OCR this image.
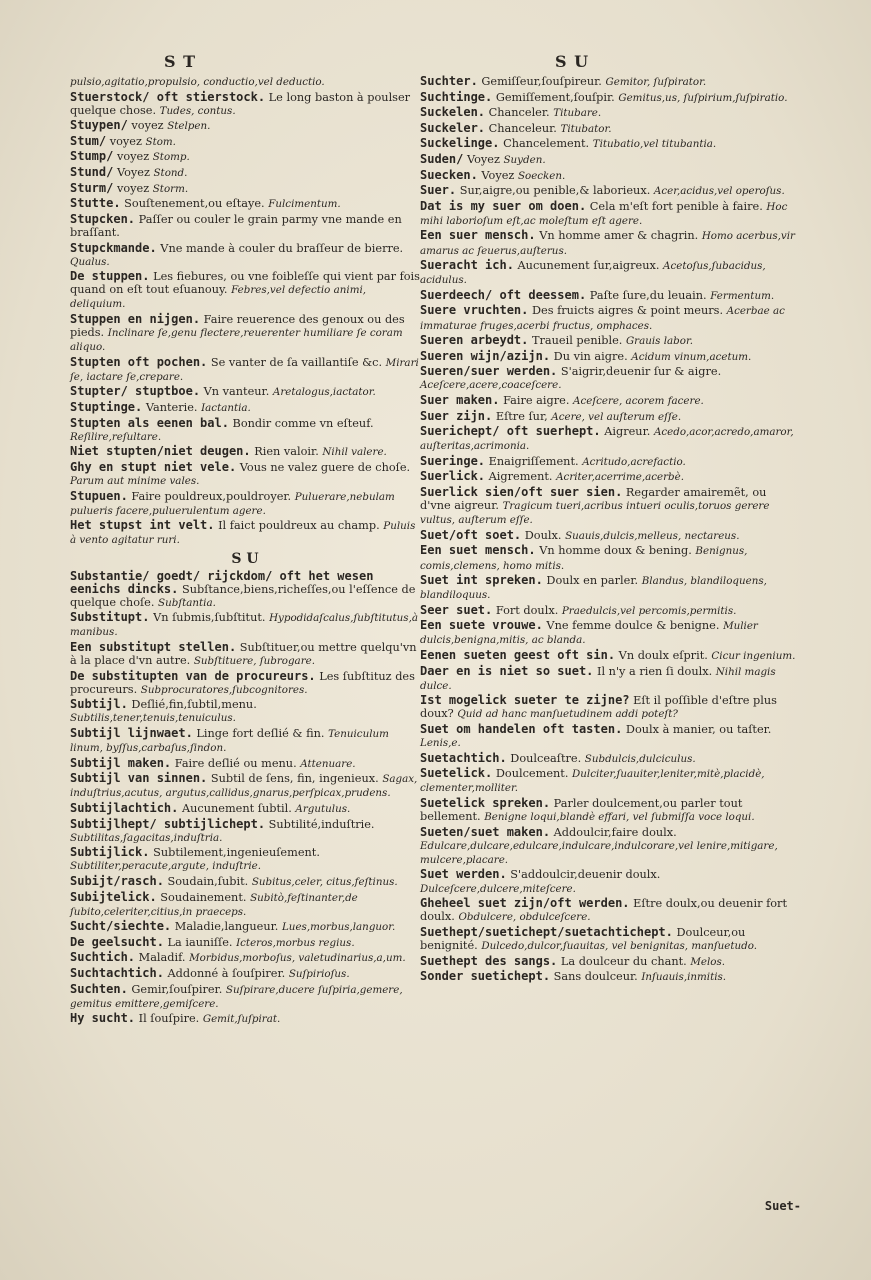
S T
pulsio,agitatio,propulsio, conductio,vel deductio.
Stuerstock/ oft stierstock. Le long baston à poulser quelque chose. Tudes, contus.
Stuypen/ voyez Stelpen.
Stum/ voyez Stom.
Stump/ voyez Stomp.
Stund/ Voyez Stond.
Sturm/ voyez Storm.
Stutte. Souſtenement,ou eſtaye. Fulcimentum.
Stupcken. Paſſer ou couler le grain parmy vne mande en braſſant.
Stupckmande. Vne mande à couler du braſſeur de bierre. Qualus.
De stuppen. Les fiebures, ou vne foibleſſe qui vient par fois quand on eſt tout eſuanouy. Febres,vel defectio animi, deliquium.
Stuppen en nijgen. Faire reuerence des genoux ou des pieds. Inclinare ſe,genu flectere,reuerenter humiliare ſe coram aliquo.
Stupten oft pochen. Se vanter de ſa vaillantiſe &c. Mirari ſe, iactare ſe,crepare.
Stupter/ stuptboe. Vn vanteur. Aretalogus,iactator.
Stuptinge. Vanterie. Iactantia.
Stupten als eenen bal. Bondir comme vn eſteuf. Reſilire,reſultare.
Niet stupten/niet deugen. Rien valoir. Nihil valere.
Ghy en stupt niet vele. Vous ne valez guere de choſe. Parum aut minime vales.
Stupuen. Faire pouldreux,pouldroyer. Puluerare,nebulam pulueris facere,puluerulentum agere.
Het stupst int velt. Il faict pouldreux au champ. Puluis à vento agitatur ruri.
S U
Substantie/ goedt/ rijckdom/ oft het wesen eenichs dincks. Subſtance,biens,richeſſes,ou l'eſſence de quelque choſe. Subſtantia.
Substitupt. Vn ſubmis,ſubſtitut. Hypodidaſcalus,ſubſtitutus,à manibus.
Een substitupt stellen. Subſtituer,ou mettre quelqu'vn à la place d'vn autre. Subſtituere, ſubrogare.
De substitupten van de procureurs. Les ſubſtituz des procureurs. Subprocuratores,ſubcognitores.
Subtijl. Deſlié,fin,ſubtil,menu. Subtilis,tener,tenuis,tenuiculus.
Subtijl lijnwaet. Linge fort deſlié & fin. Tenuiculum linum, byſſus,carbaſus,ſindon.
Subtijl maken. Faire deſlié ou menu. Attenuare.
Subtijl van sinnen. Subtil de ſens, fin, ingenieux. Sagax, induſtrius,acutus, argutus,callidus,gnarus,perſpicax,prudens.
Subtijlachtich. Aucunement ſubtil. Argutulus.
Subtijlhept/ subtijlichept. Subtilité,induſtrie. Subtilitas,ſagacitas,induſtria.
Subtijlick. Subtilement,ingenieuſement. Subtiliter,peracute,argute, induſtrie.
Subijt/rasch. Soudain,ſubit. Subitus,celer, citus,feſtinus.
Subijtelick. Soudainement. Subitò,feſtinanter,de ſubito,celeriter,citius,in praeceps.
Sucht/siechte. Maladie,langueur. Lues,morbus,languor.
De geelsucht. La iauniſſe. Icteros,morbus regius.
Suchtich. Maladif. Morbidus,morboſus, valetudinarius,a,um.
Suchtachtich. Addonné à ſouſpirer. Suſpirioſus.
Suchten. Gemir,ſouſpirer. Suſpirare,ducere ſuſpiria,gemere, gemitus emittere,gemiſcere.
Hy sucht. Il ſouſpire. Gemit,ſuſpirat.
S U
Suchter. Gemiſſeur,ſouſpireur. Gemitor, ſuſpirator.
Suchtinge. Gemiſſement,ſouſpir. Gemitus,us, ſuſpirium,ſuſpiratio.
Suckelen. Chanceler. Titubare.
Suckeler. Chanceleur. Titubator.
Suckelinge. Chancelement. Titubatio,vel titubantia.
Suden/ Voyez Suyden.
Suecken. Voyez Soecken.
Suer. Sur,aigre,ou penible,& laborieux. Acer,acidus,vel operoſus.
Dat is my suer om doen. Cela m'eſt fort penible à faire. Hoc mihi laborioſum eſt,ac moleſtum eſt agere.
Een suer mensch. Vn homme amer & chagrin. Homo acerbus,vir amarus ac ſeuerus,auſterus.
Sueracht ich. Aucunement ſur,aigreux. Acetoſus,ſubacidus, acidulus.
Suerdeech/ oft deessem. Paſte ſure,du leuain. Fermentum.
Suere vruchten. Des fruicts aigres & point meurs. Acerbae ac immaturae fruges,acerbi fructus, omphaces.
Sueren arbeydt. Traueil penible. Grauis labor.
Sueren wijn/azijn. Du vin aigre. Acidum vinum,acetum.
Sueren/suer werden. S'aigrir,deuenir ſur & aigre. Aceſcere,acere,coaceſcere.
Suer maken. Faire aigre. Aceſcere, acorem facere.
Suer zijn. Eſtre ſur, Acere, vel auſterum eſſe.
Suerichept/ oft suerhept. Aigreur. Acedo,acor,acredo,amaror, auſteritas,acrimonia.
Sueringe. Enaigriſſement. Acritudo,acrefactio.
Suerlick. Aigrement. Acriter,acerrime,acerbè.
Suerlick sien/oft suer sien. Regarder amairemẽt, ou d'vne aigreur. Tragicum tueri,acribus intueri oculis,toruos gerere vultus, auſterum eſſe.
Suet/oft soet. Doulx. Suauis,dulcis,melleus, nectareus.
Een suet mensch. Vn homme doux & bening. Benignus, comis,clemens, homo mitis.
Suet int spreken. Doulx en parler. Blandus, blandiloquens, blandiloquus.
Seer suet. Fort doulx. Praedulcis,vel percomis,permitis.
Een suete vrouwe. Vne femme doulce & benigne. Mulier dulcis,benigna,mitis, ac blanda.
Eenen sueten geest oft sin. Vn doulx eſprit. Cicur ingenium.
Daer en is niet so suet. Il n'y a rien ſi doulx. Nihil magis dulce.
Ist mogelick sueter te zijne? Eſt il poſſible d'eſtre plus doux? Quid ad hanc manſuetudinem addi poteſt?
Suet om handelen oft tasten. Doulx à manier, ou taſter. Lenis,e.
Suetachtich. Doulceaſtre. Subdulcis,dulciculus.
Suetelick. Doulcement. Dulciter,ſuauiter,leniter,mitè,placidè, clementer,molliter.
Suetelick spreken. Parler doulcement,ou parler tout bellement. Benigne loqui,blandè effari, vel ſubmiſſa voce loqui.
Sueten/suet maken. Addoulcir,faire doulx. Edulcare,dulcare,edulcare,indulcare,indulcorare,vel lenire,mitigare, mulcere,placare.
Suet werden. S'addoulcir,deuenir doulx. Dulceſcere,dulcere,miteſcere.
Gheheel suet zijn/oft werden. Eſtre doulx,ou deuenir fort doulx. Obdulcere, obdulceſcere.
Suethept/suetichept/suetachtichept. Doulceur,ou benignité. Dulcedo,dulcor,ſuauitas, vel benignitas, manſuetudo.
Suethept des sangs. La doulceur du chant. Melos.
Sonder suetichept. Sans doulceur. Inſuauis,inmitis.
Suet-
